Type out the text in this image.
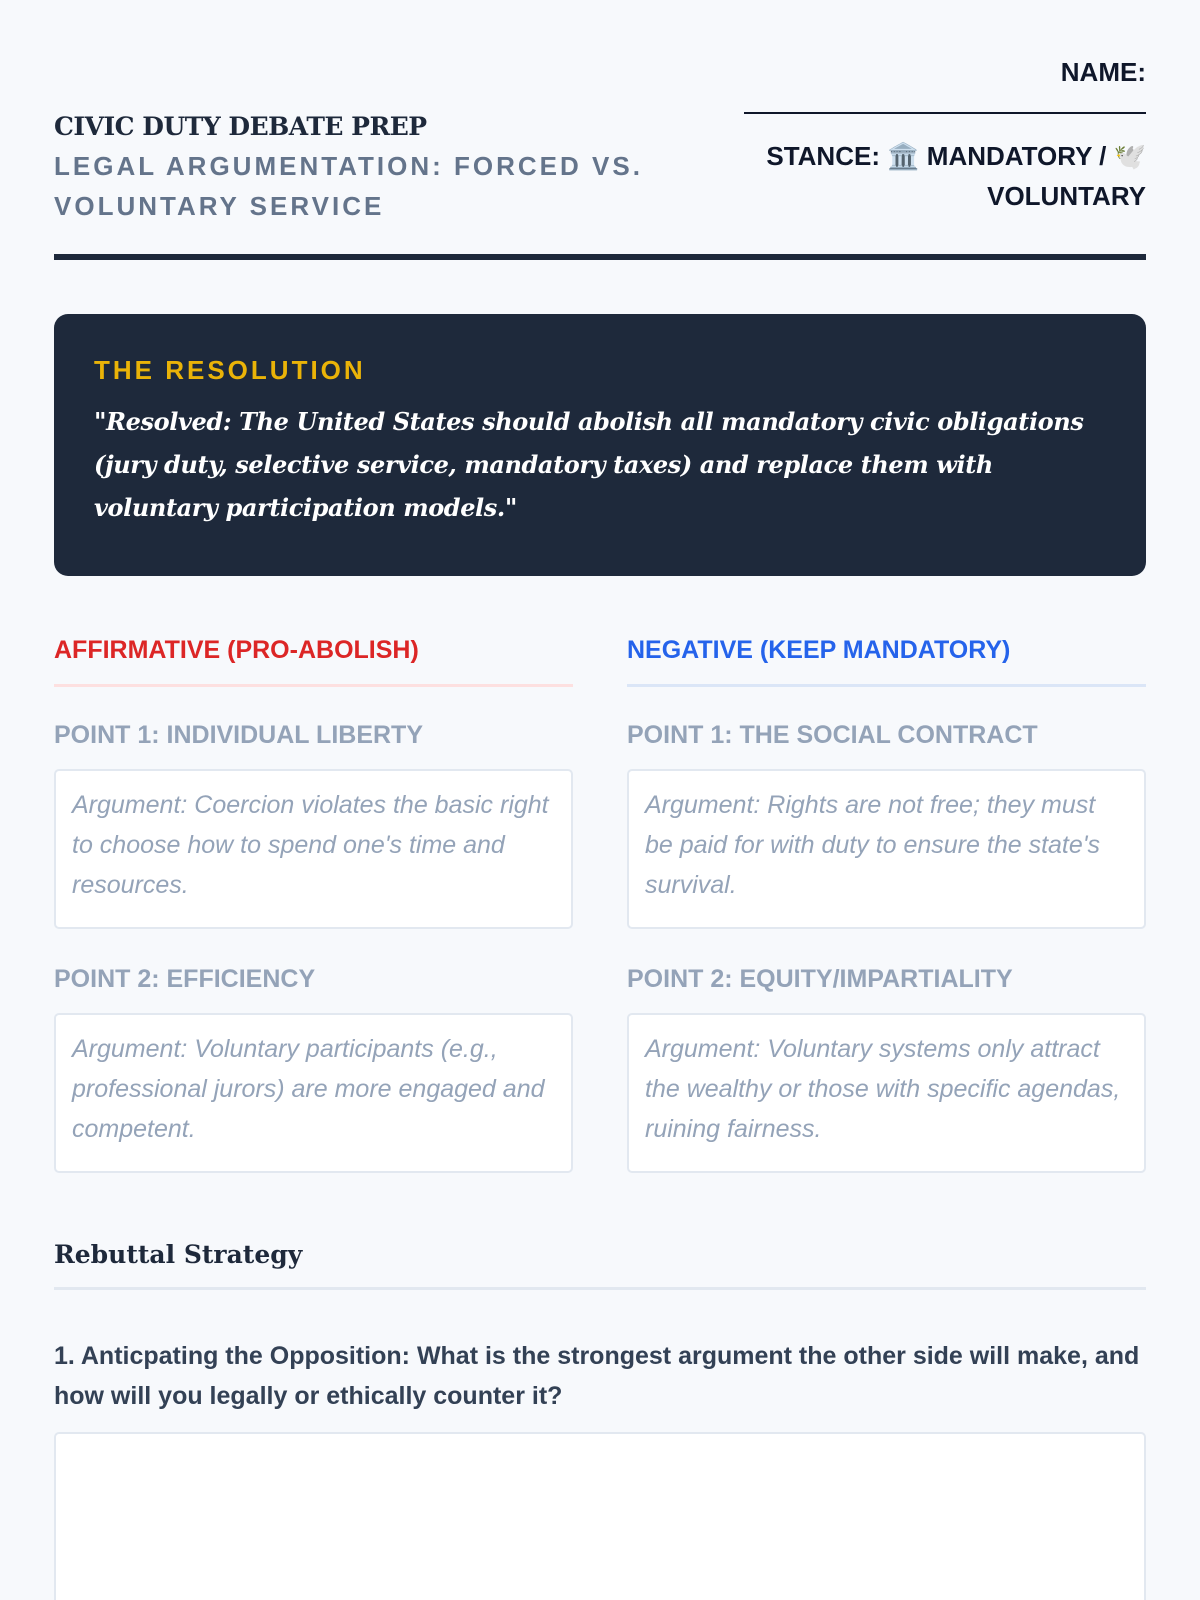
CIVIC DUTY DEBATE PREP
LEGAL ARGUMENTATION: FORCED VS. VOLUNTARY SERVICE
NAME:
STANCE: 🏛️ MANDATORY / 🕊️ VOLUNTARY
THE RESOLUTION
"Resolved: The United States should abolish all mandatory civic obligations (jury duty, selective service, mandatory taxes) and replace them with voluntary participation models."
AFFIRMATIVE (PRO-ABOLISH)
POINT 1: INDIVIDUAL LIBERTY
Argument: Coercion violates the basic right to choose how to spend one's time and resources.
POINT 2: EFFICIENCY
Argument: Voluntary participants (e.g., professional jurors) are more engaged and competent.
NEGATIVE (KEEP MANDATORY)
POINT 1: THE SOCIAL CONTRACT
Argument: Rights are not free; they must be paid for with duty to ensure the state's survival.
POINT 2: EQUITY/IMPARTIALITY
Argument: Voluntary systems only attract the wealthy or those with specific agendas, ruining fairness.
Rebuttal Strategy
1. Anticpating the Opposition: What is the strongest argument the other side will make, and how will you legally or ethically counter it?
